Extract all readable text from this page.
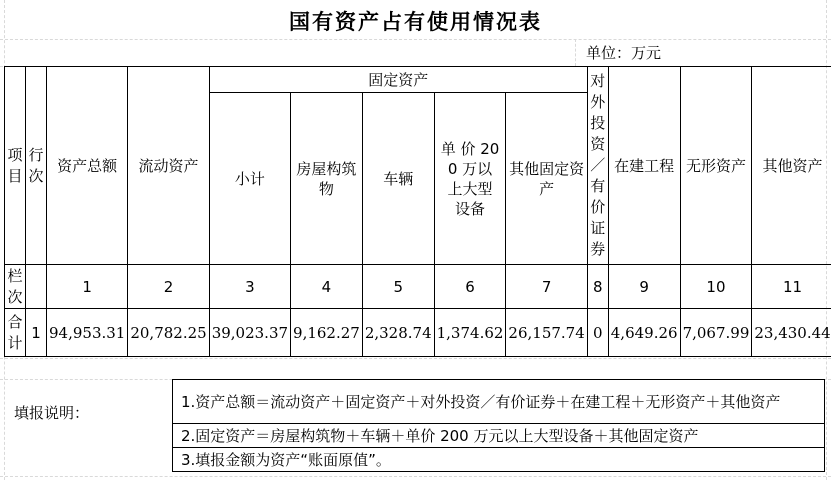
国有资产占有使用情况表
单位：万元
项目	行次	资产总额	流动资产	固定资产					对外投资／有价证券	在建工程	无形资产	其他资产
				小计	房屋构筑物	车辆	单 价 200 万以上大型设备	其他固定资产				
栏次		1	2	3	4	5	6	7	8	9	10	11
合计	1	94,953.31	20,782.25	39,023.37	9,162.27	2,328.74	1,374.62	26,157.74	0	4,649.26	7,067.99	23,430.44
填报说明：
1.资产总额＝流动资产＋固定资产＋对外投资／有价证券＋在建工程＋无形资产＋其他资产
2.固定资产＝房屋构筑物＋车辆＋单价 200 万元以上大型设备＋其他固定资产
3.填报金额为资产“账面原值”。
